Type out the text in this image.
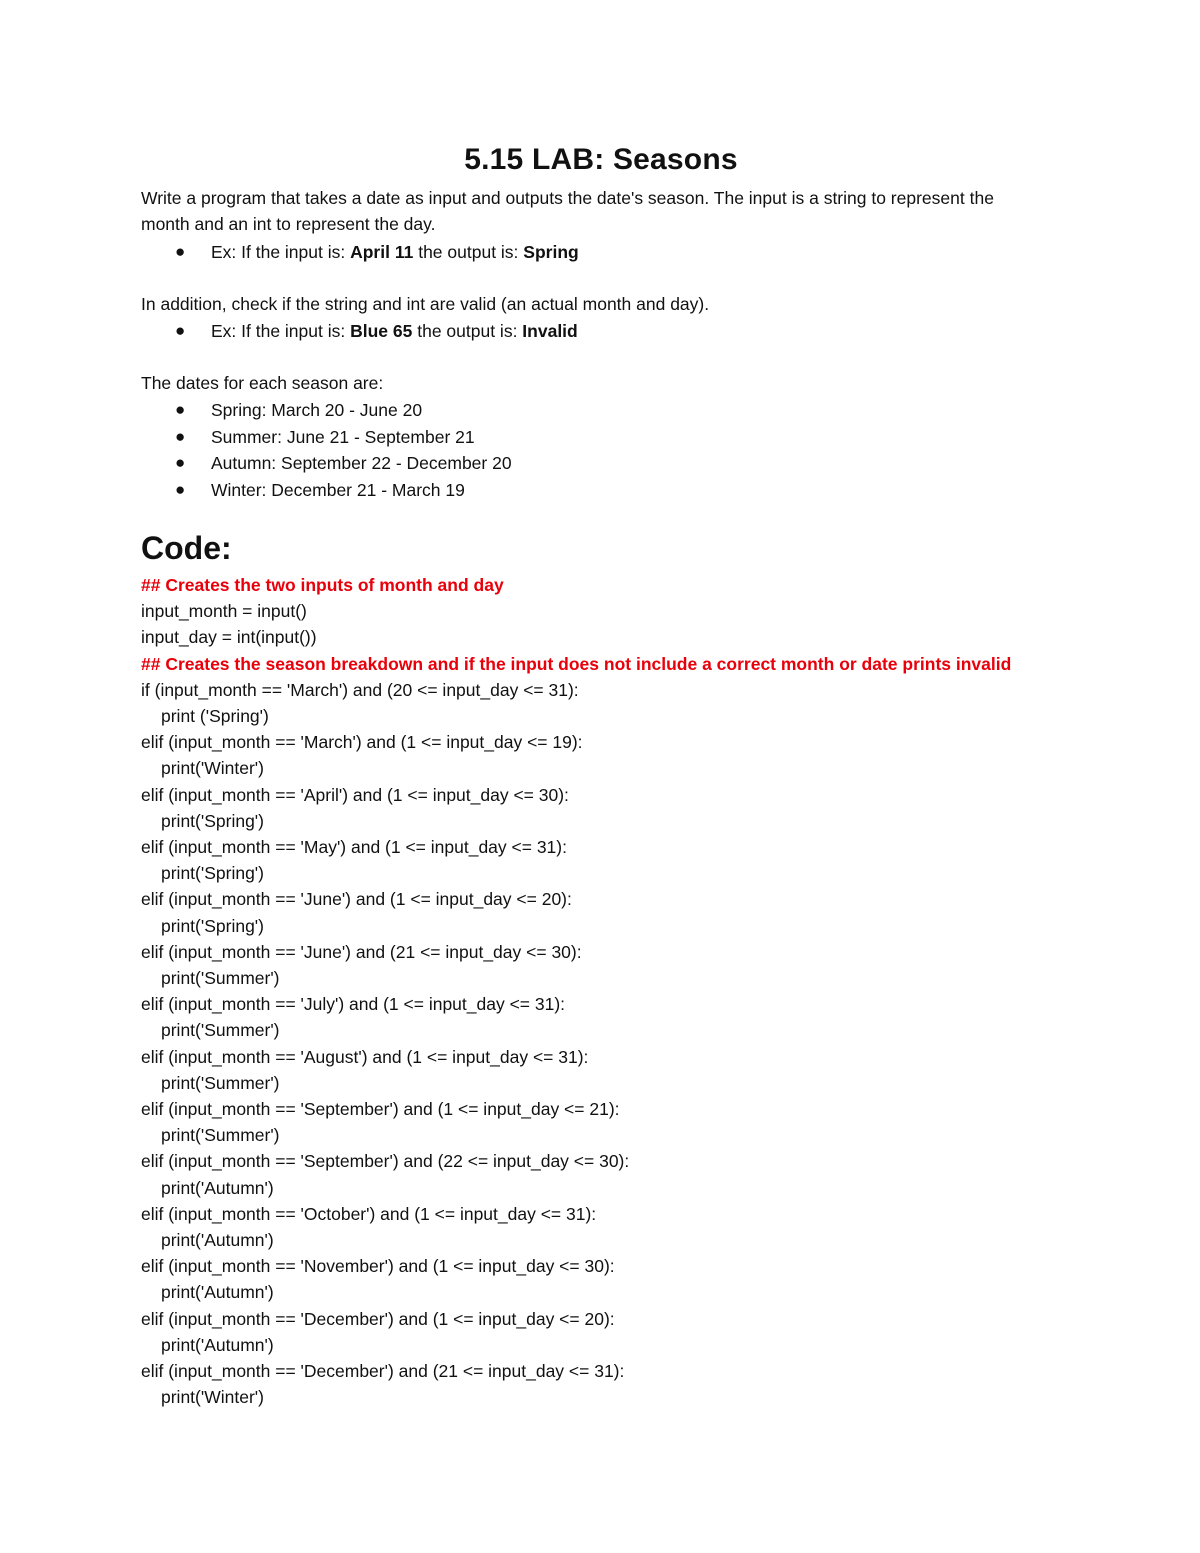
5.15 LAB: Seasons

Write a program that takes a date as input and outputs the date's season. The input is a string to represent the month and an int to represent the day.

● Ex: If the input is: April 11 the output is: Spring

In addition, check if the string and int are valid (an actual month and day).

● Ex: If the input is: Blue 65 the output is: Invalid

The dates for each season are:

● Spring: March 20 - June 20
● Summer: June 21 - September 21
● Autumn: September 22 - December 20
● Winter: December 21 - March 19
Code:
## Creates the two inputs of month and day
input_month = input()
input_day = int(input())
## Creates the season breakdown and if the input does not include a correct month or date prints invalid
if (input_month == 'March') and (20 <= input_day <= 31):
print ('Spring')
elif (input_month == 'March') and (1 <= input_day <= 19):
print('Winter')
elif (input_month == 'April') and (1 <= input_day <= 30):
print('Spring')
elif (input_month == 'May') and (1 <= input_day <= 31):
print('Spring')
elif (input_month == 'June') and (1 <= input_day <= 20):
print('Spring')
elif (input_month == 'June') and (21 <= input_day <= 30):
print('Summer')
elif (input_month == 'July') and (1 <= input_day <= 31):
print('Summer')
elif (input_month == 'August') and (1 <= input_day <= 31):
print('Summer')
elif (input_month == 'September') and (1 <= input_day <= 21):
print('Summer')
elif (input_month == 'September') and (22 <= input_day <= 30):
print('Autumn')
elif (input_month == 'October') and (1 <= input_day <= 31):
print('Autumn')
elif (input_month == 'November') and (1 <= input_day <= 30):
print('Autumn')
elif (input_month == 'December') and (1 <= input_day <= 20):
print('Autumn')
elif (input_month == 'December') and (21 <= input_day <= 31):
print('Winter')
